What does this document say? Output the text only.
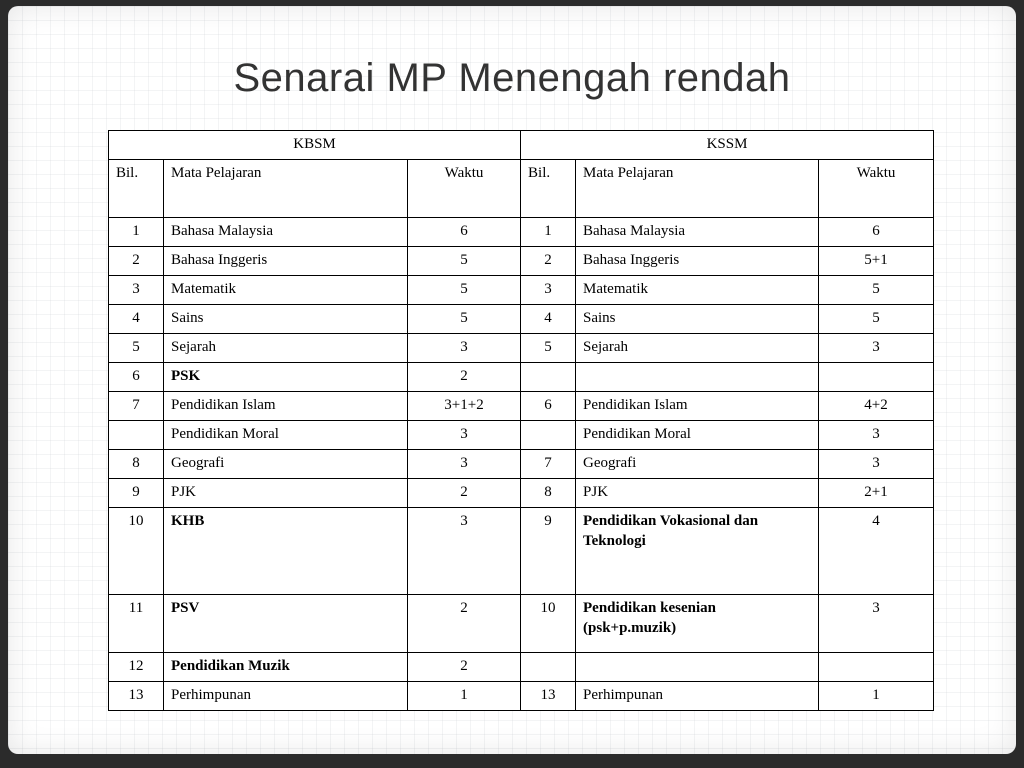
Senarai MP Menengah rendah
KBSM			KSSM		
Bil.	Mata Pelajaran	Waktu	Bil.	Mata Pelajaran	Waktu
1	Bahasa Malaysia	6	1	Bahasa Malaysia	6
2	Bahasa Inggeris	5	2	Bahasa Inggeris	5+1
3	Matematik	5	3	Matematik	5
4	Sains	5	4	Sains	5
5	Sejarah	3	5	Sejarah	3
6	PSK	2			
7	Pendidikan Islam	3+1+2	6	Pendidikan Islam	4+2
	Pendidikan Moral	3		Pendidikan Moral	3
8	Geografi	3	7	Geografi	3
9	PJK	2	8	PJK	2+1
10	KHB	3	9	Pendidikan Vokasional dan Teknologi	4
11	PSV	2	10	Pendidikan kesenian (psk+p.muzik)	3
12	Pendidikan Muzik	2			
13	Perhimpunan	1	13	Perhimpunan	1
